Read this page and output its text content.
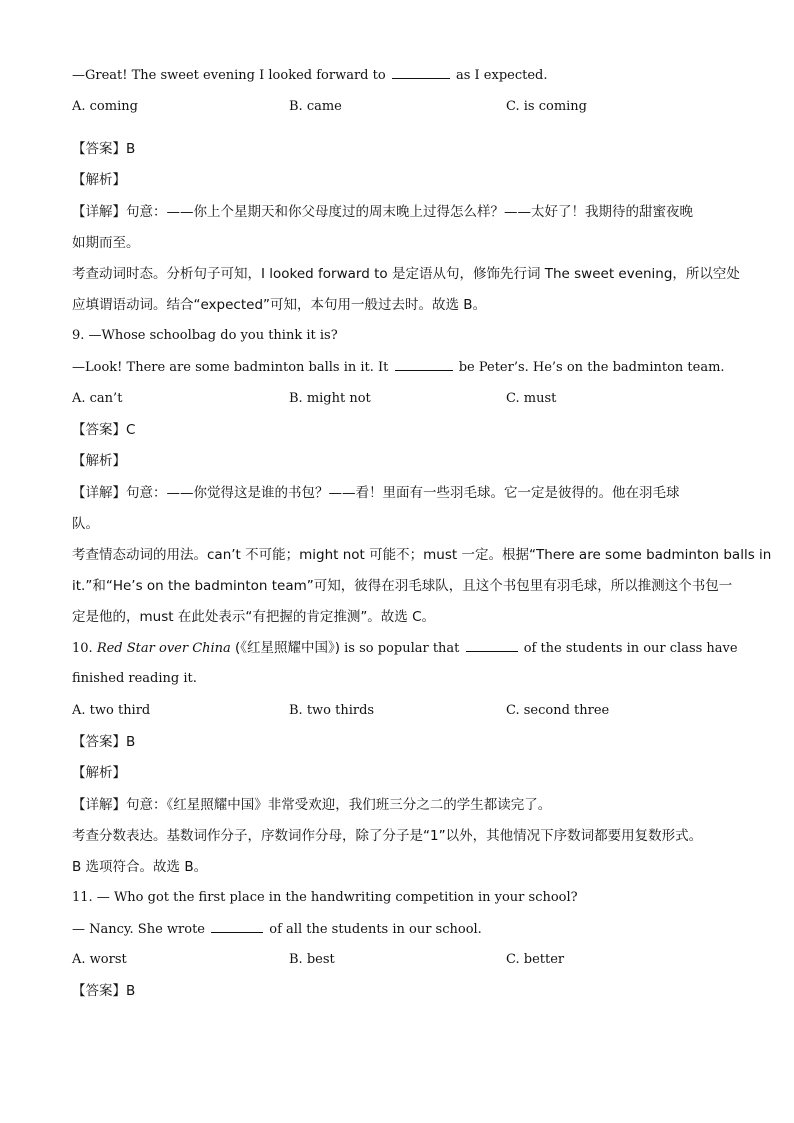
—Great! The sweet evening I looked forward to	as I expected.
A. coming	B. came	C. is coming
【答案】B
【解析】
【详解】句意：——你上个星期天和你父母度过的周末晚上过得怎么样？——太好了！我期待的甜蜜夜晚
如期而至。
考查动词时态。分析句子可知，I looked forward to 是定语从句，修饰先行词 The sweet evening，所以空处
应填谓语动词。结合“expected”可知，本句用一般过去时。故选 B。
9. —Whose schoolbag do you think it is?
—Look! There are some badminton balls in it. It	be Peter’s. He’s on the badminton team.
A. can’t	B. might not	C. must
【答案】C
【解析】
【详解】句意：——你觉得这是谁的书包？——看！里面有一些羽毛球。它一定是彼得的。他在羽毛球
队。
考查情态动词的用法。can’t 不可能；might not 可能不；must 一定。根据“There are some badminton balls in
it.”和“He’s on the badminton team”可知，彼得在羽毛球队，且这个书包里有羽毛球，所以推测这个书包一
定是他的，must 在此处表示“有把握的肯定推测”。故选 C。
10. Red Star over China (《红星照耀中国》) is so popular that	of the students in our class have
finished reading it.
A. two third	B. two thirds	C. second three
【答案】B
【解析】
【详解】句意：《红星照耀中国》非常受欢迎，我们班三分之二的学生都读完了。
考查分数表达。基数词作分子，序数词作分母，除了分子是“1”以外，其他情况下序数词都要用复数形式。
B 选项符合。故选 B。
11. — Who got the first place in the handwriting competition in your school?
— Nancy. She wrote	of all the students in our school.
A. worst	B. best	C. better
【答案】B
